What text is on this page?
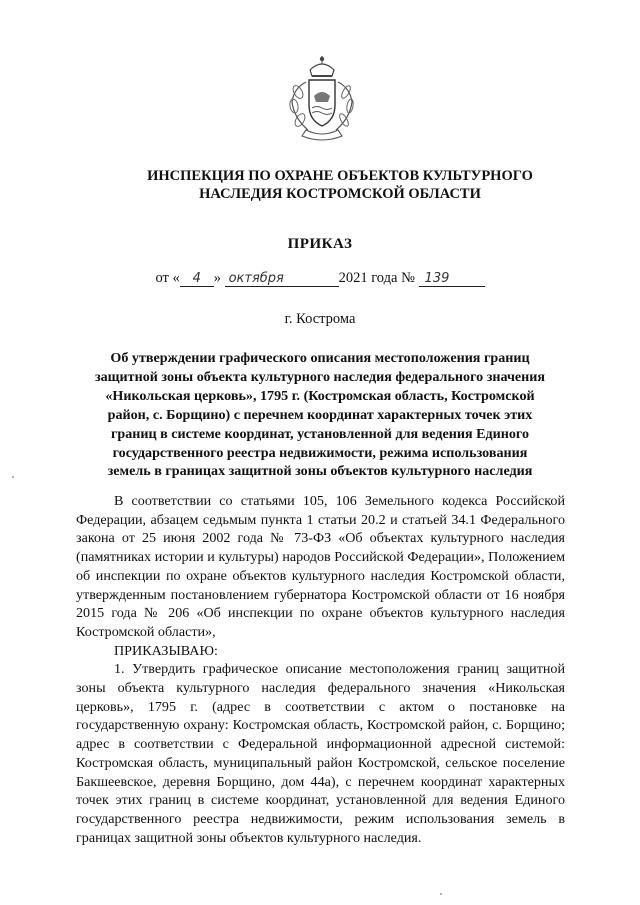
ИНСПЕКЦИЯ ПО ОХРАНЕ ОБЪЕКТОВ КУЛЬТУРНОГО
НАСЛЕДИЯ КОСТРОМСКОЙ ОБЛАСТИ
ПРИКАЗ
от « 4 » октября	2021 года № 139
г. Кострома
Об утверждении графического описания местоположения границ
защитной зоны объекта культурного наследия федерального значения
«Никольская церковь», 1795 г. (Костромская область, Костромской
район, с. Борщино) с перечнем координат характерных точек этих
границ в системе координат, установленной для ведения Единого
государственного реестра недвижимости, режима использования
земель в границах защитной зоны объектов культурного наследия

В соответствии со статьями 105, 106 Земельного кодекса Российской Федерации, абзацем седьмым пункта 1 статьи 20.2 и статьей 34.1 Федерального закона от 25 июня 2002 года № 73-ФЗ «Об объектах культурного наследия (памятниках истории и культуры) народов Российской Федерации», Положением об инспекции по охране объектов культурного наследия Костромской области, утвержденным постановлением губернатора Костромской области от 16 ноября 2015 года № 206 «Об инспекции по охране объектов культурного наследия Костромской области»,

ПРИКАЗЫВАЮ:

1. Утвердить графическое описание местоположения границ защитной зоны объекта культурного наследия федерального значения «Никольская церковь», 1795 г. (адрес в соответствии с актом о постановке на государственную охрану: Костромская область, Костромской район, с. Борщино; адрес в соответствии с Федеральной информационной адресной системой: Костромская область, муниципальный район Костромской, сельское поселение Бакшеевское, деревня Борщино, дом 44а), с перечнем координат характерных точек этих границ в системе координат, установленной для ведения Единого государственного реестра недвижимости, режим использования земель в границах защитной зоны объектов культурного наследия.
